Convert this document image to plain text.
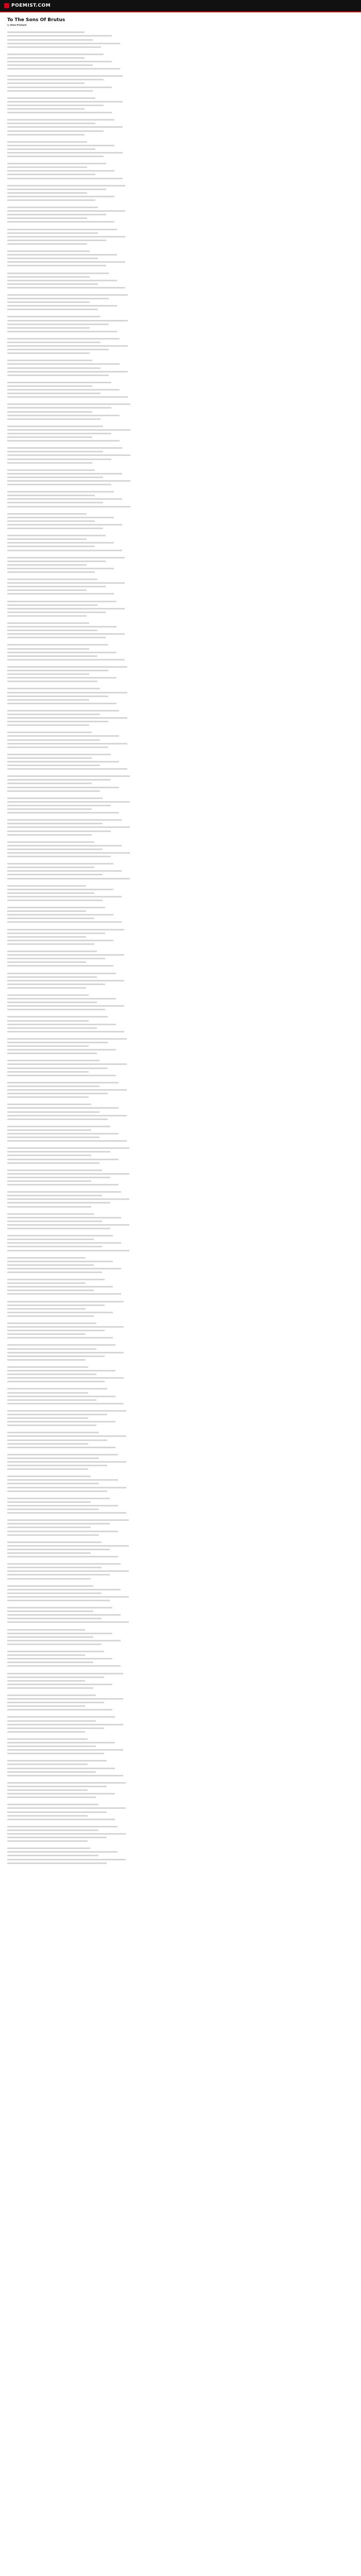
POEMIST.COM
To The Sons Of Brutus

by Rees Prichard
